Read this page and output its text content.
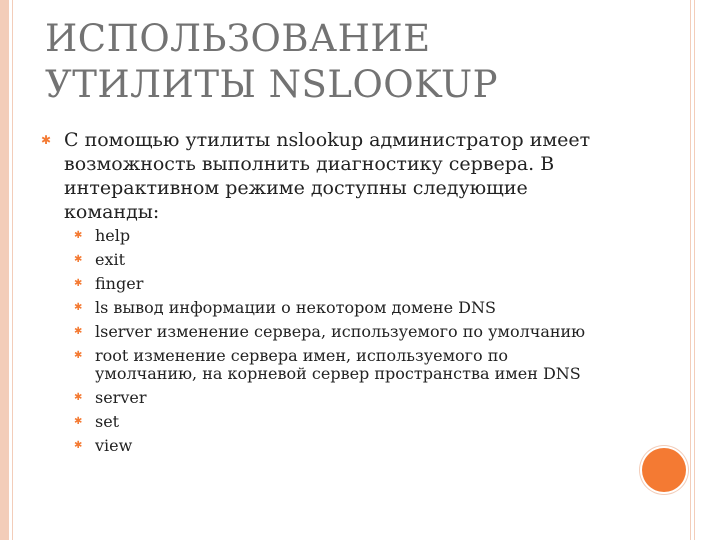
ИСПОЛЬЗОВАНИЕ
УТИЛИТЫ NSLOOKUP
✱ С помощью утилиты nslookup администратор имеет возможность выполнить диагностику сервера. В интерактивном режиме доступны следующие команды:
✱ help
✱ exit
✱ finger
✱ ls вывод информации о некотором домене DNS
✱ lserver изменение сервера, используемого по умолчанию
✱ root изменение сервера имен, используемого по умолчанию, на корневой сервер пространства имен DNS
✱ server
✱ set
✱ view
